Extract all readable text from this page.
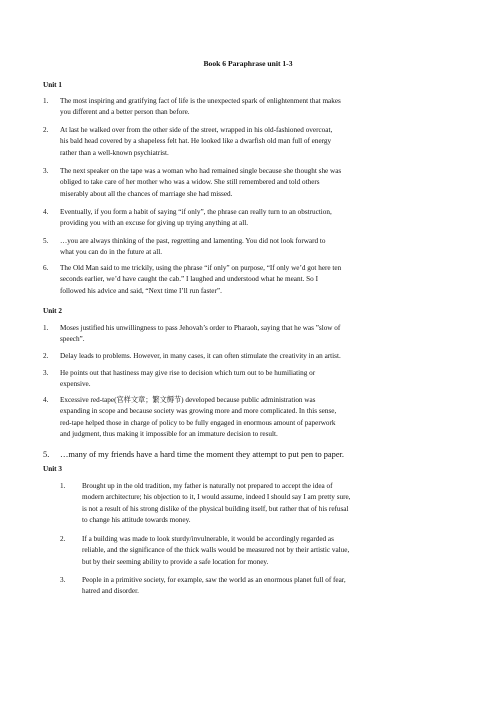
Book 6 Paraphrase unit 1-3
Unit 1
1. The most inspiring and gratifying fact of life is the unexpected spark of enlightenment that makes
you different and a better person than before.
2. At last he walked over from the other side of the street, wrapped in his old-fashioned overcoat,
his bald head covered by a shapeless felt hat. He looked like a dwarfish old man full of energy
rather than a well-known psychiatrist.
3. The next speaker on the tape was a woman who had remained single because she thought she was
obliged to take care of her mother who was a widow. She still remembered and told others
miserably about all the chances of marriage she had missed.
4. Eventually, if you form a habit of saying “if only”, the phrase can really turn to an obstruction,
providing you with an excuse for giving up trying anything at all.
5. …you are always thinking of the past, regretting and lamenting. You did not look forward to
what you can do in the future at all.
6. The Old Man said to me trickily, using the phrase “if only” on purpose, “If only we’d got here ten
seconds earlier, we’d have caught the cab.” I laughed and understood what he meant. So I
followed his advice and said, “Next time I’ll run faster”.
Unit 2
1. Moses justified his unwillingness to pass Jehovah’s order to Pharaoh, saying that he was ”slow of
speech”.
2. Delay leads to problems. However, in many cases, it can often stimulate the creativity in an artist.
3. He points out that hastiness may give rise to decision which turn out to be humiliating or
expensive.
4. Excessive red-tape(官样文章；繁文缛节) developed because public administration was
expanding in scope and because society was growing more and more complicated. In this sense,
red-tape helped those in charge of policy to be fully engaged in enormous amount of paperwork
and judgment, thus making it impossible for an immature decision to result.
5. …many of my friends have a hard time the moment they attempt to put pen to paper.
Unit 3
1. Brought up in the old tradition, my father is naturally not prepared to accept the idea of
modern architecture; his objection to it, I would assume, indeed I should say I am pretty sure,
is not a result of his strong dislike of the physical building itself, but rather that of his refusal
to change his attitude towards money.
2. If a building was made to look sturdy/invulnerable, it would be accordingly regarded as
reliable, and the significance of the thick walls would be measured not by their artistic value,
but by their seeming ability to provide a safe location for money.
3. People in a primitive society, for example, saw the world as an enormous planet full of fear,
hatred and disorder.
